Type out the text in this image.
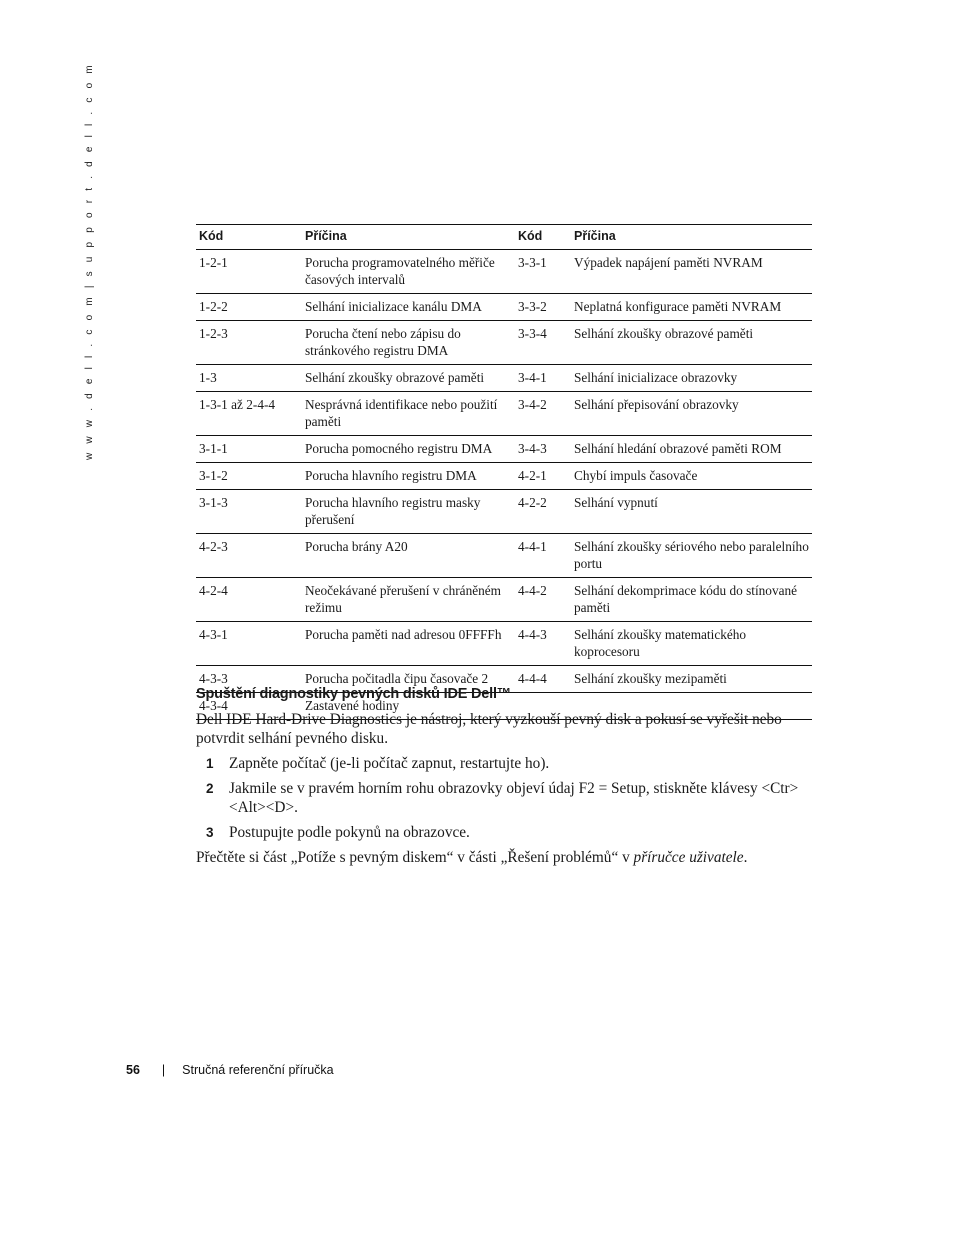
w w w . d e l l . c o m | s u p p o r t . d e l l . c o m	Kód	Příčina	Kód	Příčina
1-2-1	Porucha programovatelného měřiče časových intervalů	3-3-1	Výpadek napájení paměti NVRAM
1-2-2	Selhání inicializace kanálu DMA	3-3-2	Neplatná konfigurace paměti NVRAM
1-2-3	Porucha čtení nebo zápisu do stránkového registru DMA	3-3-4	Selhání zkoušky obrazové paměti
1-3	Selhání zkoušky obrazové paměti	3-4-1	Selhání inicializace obrazovky
1-3-1 až 2-4-4	Nesprávná identifikace nebo použití paměti	3-4-2	Selhání přepisování obrazovky
3-1-1	Porucha pomocného registru DMA	3-4-3	Selhání hledání obrazové paměti ROM
3-1-2	Porucha hlavního registru DMA	4-2-1	Chybí impuls časovače
3-1-3	Porucha hlavního registru masky přerušení	4-2-2	Selhání vypnutí
4-2-3	Porucha brány A20	4-4-1	Selhání zkoušky sériového nebo paralelního portu
4-2-4	Neočekávané přerušení v chráněném režimu	4-4-2	Selhání dekomprimace kódu do stínované paměti
4-3-1	Porucha paměti nad adresou 0FFFFh	4-4-3	Selhání zkoušky matematického koprocesoru
4-3-3	Porucha počitadla čipu časovače 2	4-4-4	Selhání zkoušky mezipaměti
4-3-4	Zastavené hodiny		
Spuštění diagnostiky pevných disků IDE Dell™

Dell IDE Hard-Drive Diagnostics je nástroj, který vyzkouší pevný disk a pokusí se vyřešit nebo potvrdit selhání pevného disku.

1 Zapněte počítač (je-li počítač zapnut, restartujte ho).
2 Jakmile se v pravém horním rohu obrazovky objeví údaj F2 = Setup, stiskněte klávesy <Ctr><Alt><D>.
3 Postupujte podle pokynů na obrazovce.

Přečtěte si část „Potíže s pevným diskem“ v části „Řešení problémů“ v příručce uživatele.

56 | Stručná referenční příručka
